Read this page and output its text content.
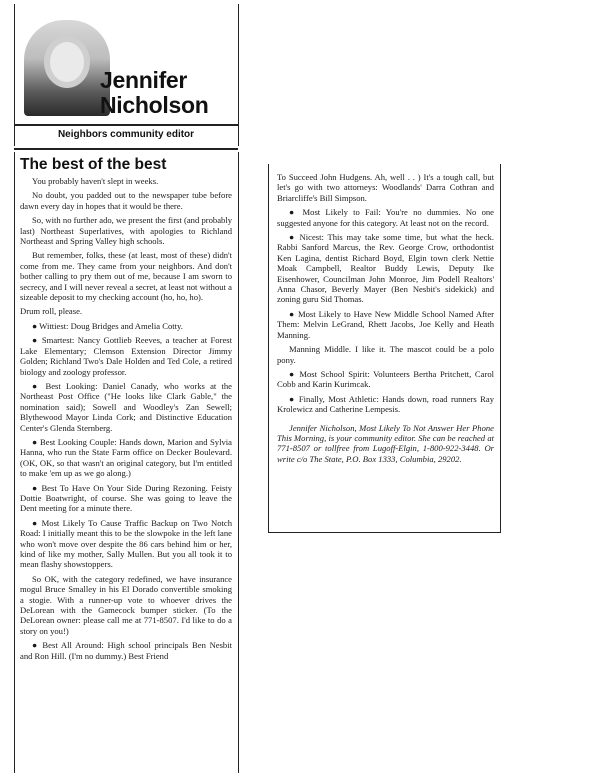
Jennifer
Nicholson
Neighbors community editor
The best of the best

You probably haven't slept in weeks.

No doubt, you padded out to the newspaper tube before dawn every day in hopes that it would be there.

So, with no further ado, we present the first (and probably last) Northeast Superlatives, with apologies to Richland Northeast and Spring Valley high schools.

But remember, folks, these (at least, most of these) didn't come from me. They came from your neighbors. And don't bother calling to pry them out of me, because I am sworn to secrecy, and I will never reveal a secret, at least not without a sizeable deposit to my checking account (ho, ho, ho).

Drum roll, please.

● Wittiest: Doug Bridges and Amelia Cotty.

● Smartest: Nancy Gottlieb Reeves, a teacher at Forest Lake Elementary; Clemson Extension Director Jimmy Golden; Richland Two's Dale Holden and Ted Cole, a retired biology and zoology professor.

● Best Looking: Daniel Canady, who works at the Northeast Post Office ("He looks like Clark Gable," the nomination said); Sowell and Woodley's Zan Sewell; Blythewood Mayor Linda Cork; and Distinctive Education Center's Glenda Sternberg.

● Best Looking Couple: Hands down, Marion and Sylvia Hanna, who run the State Farm office on Decker Boulevard. (OK, OK, so that wasn't an original category, but I'm entitled to make 'em up as we go along.)

● Best To Have On Your Side During Rezoning. Feisty Dottie Boatwright, of course. She was going to leave the Dent meeting for a minute there.

● Most Likely To Cause Traffic Backup on Two Notch Road: I initially meant this to be the slowpoke in the left lane who won't move over despite the 86 cars behind him or her, kind of like my mother, Sally Mullen. But you all took it to mean flashy showstoppers.

So OK, with the category redefined, we have insurance mogul Bruce Smalley in his El Dorado convertible smoking a stogie. With a runner-up vote to whoever drives the DeLorean with the Gamecock bumper sticker. (To the DeLorean owner: please call me at 771-8507. I'd like to do a story on you!)

● Best All Around: High school principals Ben Nesbit and Ron Hill. (I'm no dummy.) Best Friend

To Succeed John Hudgens. Ah, well . . ) It's a tough call, but let's go with two attorneys: Woodlands' Darra Cothran and Briarcliffe's Bill Simpson.

● Most Likely to Fail: You're no dummies. No one suggested anyone for this category. At least not on the record.

● Nicest: This may take some time, but what the heck. Rabbi Sanford Marcus, the Rev. George Crow, orthodontist Ken Lagina, dentist Richard Boyd, Elgin town clerk Nettie Moak Campbell, Realtor Buddy Lewis, Deputy Ike Eisenhower, Councilman John Monroe, Jim Podell Realtors' Anna Chasor, Beverly Mayer (Ben Nesbit's sidekick) and zoning guru Sid Thomas.

● Most Likely to Have New Middle School Named After Them: Melvin LeGrand, Rhett Jacobs, Joe Kelly and Heath Manning.

Manning Middle. I like it. The mascot could be a polo pony.

● Most School Spirit: Volunteers Bertha Pritchett, Carol Cobb and Karin Kurimcak.

● Finally, Most Athletic: Hands down, road runners Ray Krolewicz and Catherine Lempesis.

Jennifer Nicholson, Most Likely To Not Answer Her Phone This Morning, is your community editor. She can be reached at 771-8507 or tollfree from Lugoff-Elgin, 1-800-922-3448. Or write c/o The State, P.O. Box 1333, Columbia, 29202.
